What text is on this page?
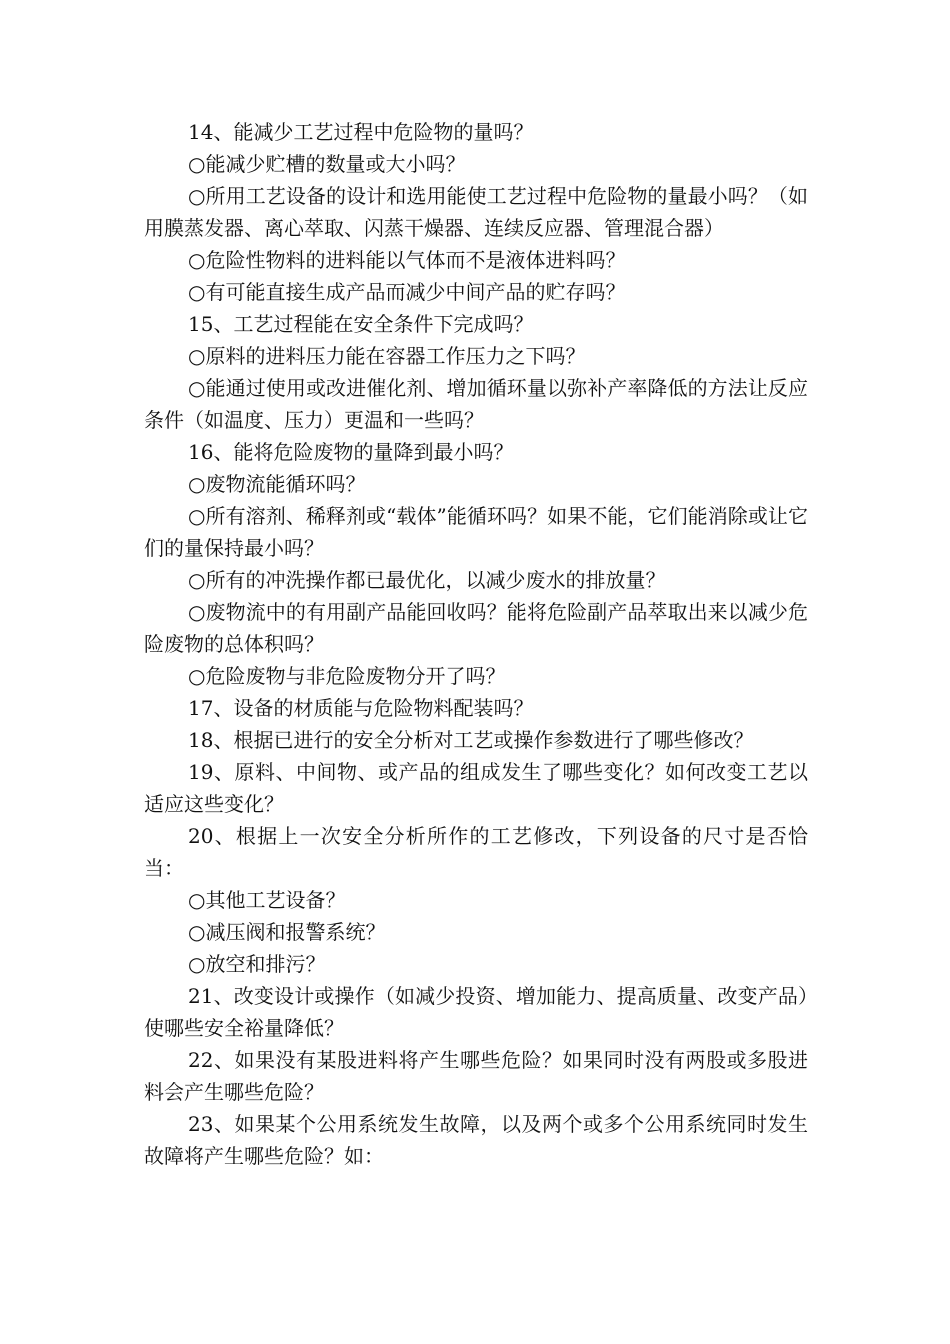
14、能减少工艺过程中危险物的量吗？

○能减少贮槽的数量或大小吗？

○所用工艺设备的设计和选用能使工艺过程中危险物的量最小吗？（如用膜蒸发器、离心萃取、闪蒸干燥器、连续反应器、管理混合器）

○危险性物料的进料能以气体而不是液体进料吗？

○有可能直接生成产品而减少中间产品的贮存吗？

15、工艺过程能在安全条件下完成吗？

○原料的进料压力能在容器工作压力之下吗？

○能通过使用或改进催化剂、增加循环量以弥补产率降低的方法让反应条件（如温度、压力）更温和一些吗？

16、能将危险废物的量降到最小吗？

○废物流能循环吗？

○所有溶剂、稀释剂或“载体”能循环吗？如果不能，它们能消除或让它们的量保持最小吗？

○所有的冲洗操作都已最优化，以减少废水的排放量？

○废物流中的有用副产品能回收吗？能将危险副产品萃取出来以减少危险废物的总体积吗？

○危险废物与非危险废物分开了吗？

17、设备的材质能与危险物料配装吗？

18、根据已进行的安全分析对工艺或操作参数进行了哪些修改？

19、原料、中间物、或产品的组成发生了哪些变化？如何改变工艺以适应这些变化？

20、根据上一次安全分析所作的工艺修改，下列设备的尺寸是否恰当：

○其他工艺设备？

○减压阀和报警系统？

○放空和排污？

21、改变设计或操作（如减少投资、增加能力、提高质量、改变产品）使哪些安全裕量降低？

22、如果没有某股进料将产生哪些危险？如果同时没有两股或多股进料会产生哪些危险？

23、如果某个公用系统发生故障，以及两个或多个公用系统同时发生故障将产生哪些危险？如：
